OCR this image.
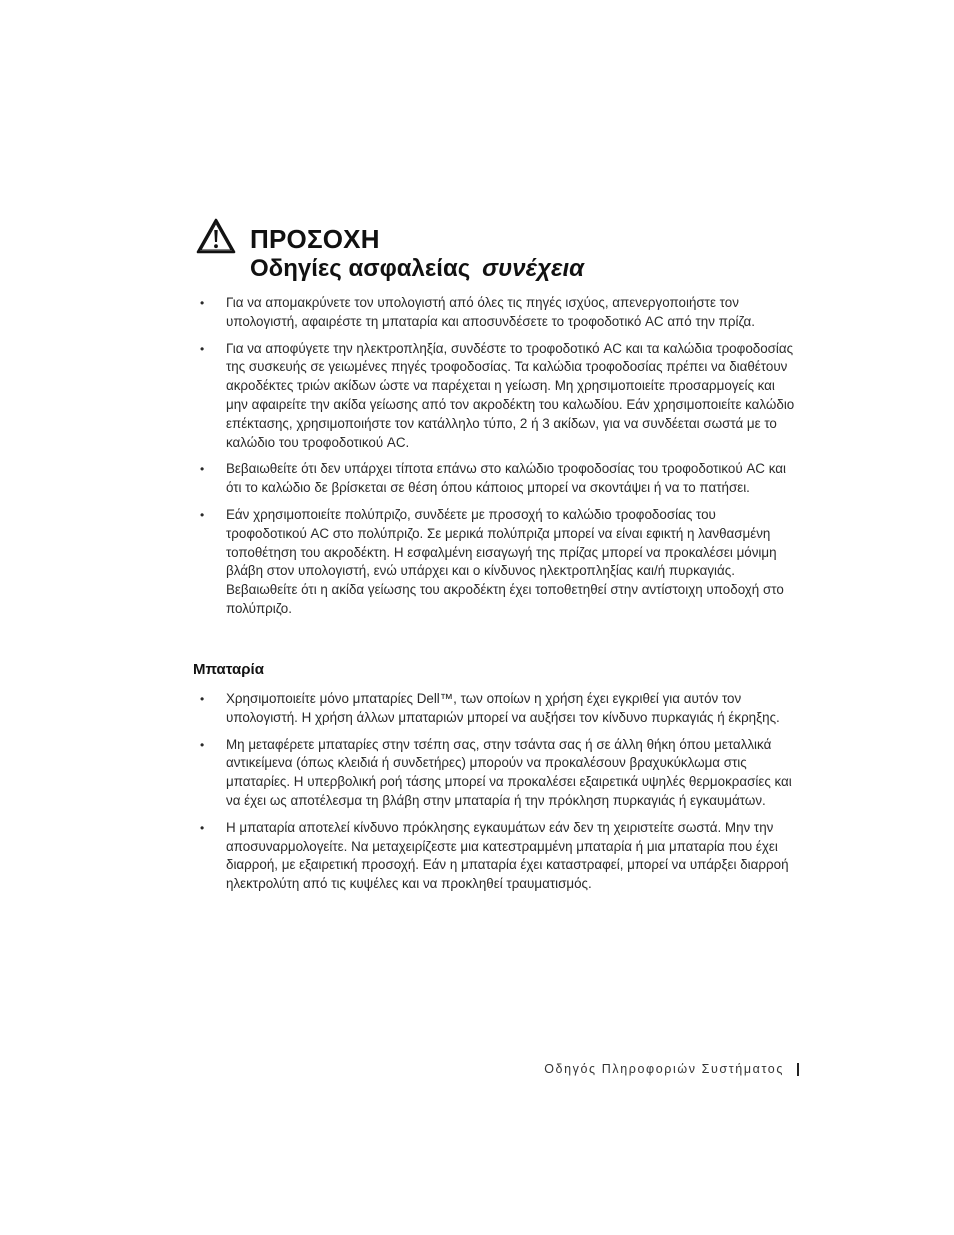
ΠΡΟΣΟΧΗ
Οδηγίες ασφαλείας συνέχεια
•	Για να απομακρύνετε τον υπολογιστή από όλες τις πηγές ισχύος, απενεργοποιήστε τον υπολογιστή, αφαιρέστε τη μπαταρία και αποσυνδέσετε το τροφοδοτικό AC από την πρίζα.
•	Για να αποφύγετε την ηλεκτροπληξία, συνδέστε το τροφοδοτικό AC και τα καλώδια τροφοδοσίας της συσκευής σε γειωμένες πηγές τροφοδοσίας. Τα καλώδια τροφοδοσίας πρέπει να διαθέτουν ακροδέκτες τριών ακίδων ώστε να παρέχεται η γείωση. Μη χρησιμοποιείτε προσαρμογείς και μην αφαιρείτε την ακίδα γείωσης από τον ακροδέκτη του καλωδίου. Εάν χρησιμοποιείτε καλώδιο επέκτασης, χρησιμοποιήστε τον κατάλληλο τύπο, 2 ή 3 ακίδων, για να συνδέεται σωστά με το καλώδιο του τροφοδοτικού AC.
•	Βεβαιωθείτε ότι δεν υπάρχει τίποτα επάνω στο καλώδιο τροφοδοσίας του τροφοδοτικού AC και ότι το καλώδιο δε βρίσκεται σε θέση όπου κάποιος μπορεί να σκοντάψει ή να το πατήσει.
•	Εάν χρησιμοποιείτε πολύπριζο, συνδέετε με προσοχή το καλώδιο τροφοδοσίας του τροφοδοτικού AC στο πολύπριζο. Σε μερικά πολύπριζα μπορεί να είναι εφικτή η λανθασμένη τοποθέτηση του ακροδέκτη. Η εσφαλμένη εισαγωγή της πρίζας μπορεί να προκαλέσει μόνιμη βλάβη στον υπολογιστή, ενώ υπάρχει και ο κίνδυνος ηλεκτροπληξίας και/ή πυρκαγιάς. Βεβαιωθείτε ότι η ακίδα γείωσης του ακροδέκτη έχει τοποθετηθεί στην αντίστοιχη υποδοχή στο πολύπριζο.
Μπαταρία
•	Χρησιμοποιείτε μόνο μπαταρίες Dell™, των οποίων η χρήση έχει εγκριθεί για αυτόν τον υπολογιστή. Η χρήση άλλων μπαταριών μπορεί να αυξήσει τον κίνδυνο πυρκαγιάς ή έκρηξης.
•	Μη μεταφέρετε μπαταρίες στην τσέπη σας, στην τσάντα σας ή σε άλλη θήκη όπου μεταλλικά αντικείμενα (όπως κλειδιά ή συνδετήρες) μπορούν να προκαλέσουν βραχυκύκλωμα στις μπαταρίες. Η υπερβολική ροή τάσης μπορεί να προκαλέσει εξαιρετικά υψηλές θερμοκρασίες και να έχει ως αποτέλεσμα τη βλάβη στην μπαταρία ή την πρόκληση πυρκαγιάς ή εγκαυμάτων.
•	Η μπαταρία αποτελεί κίνδυνο πρόκλησης εγκαυμάτων εάν δεν τη χειριστείτε σωστά. Μην την αποσυναρμολογείτε. Να μεταχειρίζεστε μια κατεστραμμένη μπαταρία ή μια μπαταρία που έχει διαρροή, με εξαιρετική προσοχή. Εάν η μπαταρία έχει καταστραφεί, μπορεί να υπάρξει διαρροή ηλεκτρολύτη από τις κυψέλες και να προκληθεί τραυματισμός.
Οδηγός Πληροφοριών Συστήματος
